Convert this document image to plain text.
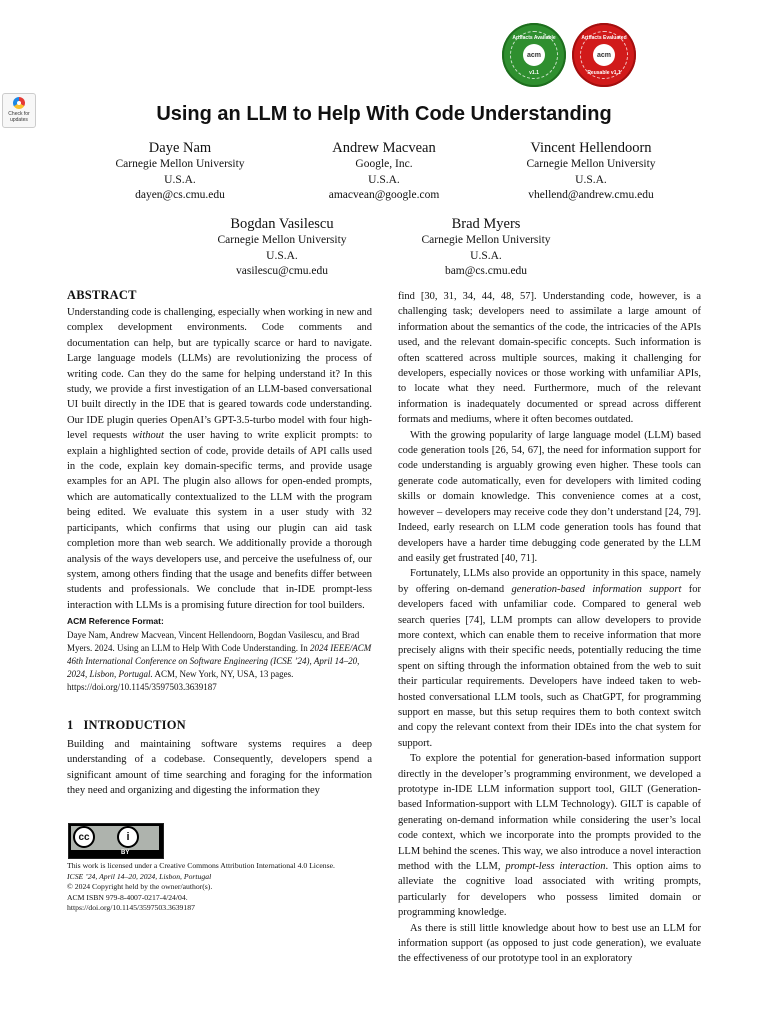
Artifacts Available
acm
v1.1
Artifacts Evaluated
acm
Reusable v1.1
Check for
updates	Using an LLM to Help With Code Understanding
Daye Nam
Carnegie Mellon University
U.S.A.
dayen@cs.cmu.edu
Andrew Macvean
Google, Inc.
U.S.A.
amacvean@google.com
Vincent Hellendoorn
Carnegie Mellon University
U.S.A.
vhellend@andrew.cmu.edu
Bogdan Vasilescu
Carnegie Mellon University
U.S.A.
vasilescu@cmu.edu
Brad Myers
Carnegie Mellon University
U.S.A.
bam@cs.cmu.edu
ABSTRACT

Understanding code is challenging, especially when working in new and complex development environments. Code comments and documentation can help, but are typically scarce or hard to navigate. Large language models (LLMs) are revolutionizing the process of writing code. Can they do the same for helping understand it? In this study, we provide a first investigation of an LLM-based conversational UI built directly in the IDE that is geared towards code understanding. Our IDE plugin queries OpenAI’s GPT-3.5-turbo model with four high-level requests without the user having to write explicit prompts: to explain a highlighted section of code, provide details of API calls used in the code, explain key domain-specific terms, and provide usage examples for an API. The plugin also allows for open-ended prompts, which are automatically contextualized to the LLM with the program being edited. We evaluate this system in a user study with 32 participants, which confirms that using our plugin can aid task completion more than web search. We additionally provide a thorough analysis of the ways developers use, and perceive the usefulness of, our system, among others finding that the usage and benefits differ between students and professionals. We conclude that in-IDE prompt-less interaction with LLMs is a promising future direction for tool builders.

ACM Reference Format:
Daye Nam, Andrew Macvean, Vincent Hellendoorn, Bogdan Vasilescu, and Brad Myers. 2024. Using an LLM to Help With Code Understanding. In 2024 IEEE/ACM 46th International Conference on Software Engineering (ICSE ’24), April 14–20, 2024, Lisbon, Portugal. ACM, New York, NY, USA, 13 pages. https://doi.org/10.1145/3597503.3639187
1 INTRODUCTION

Building and maintaining software systems requires a deep understanding of a codebase. Consequently, developers spend a significant amount of time searching and foraging for the information they need and organizing and digesting the information they

cc	i
BY
This work is licensed under a Creative Commons Attribution International 4.0 License.
ICSE ’24, April 14–20, 2024, Lisbon, Portugal
© 2024 Copyright held by the owner/author(s).
ACM ISBN 979-8-4007-0217-4/24/04.
https://doi.org/10.1145/3597503.3639187

find [30, 31, 34, 44, 48, 57]. Understanding code, however, is a challenging task; developers need to assimilate a large amount of information about the semantics of the code, the intricacies of the APIs used, and the relevant domain-specific concepts. Such information is often scattered across multiple sources, making it challenging for developers, especially novices or those working with unfamiliar APIs, to locate what they need. Furthermore, much of the relevant information is inadequately documented or spread across different formats and mediums, where it often becomes outdated.

With the growing popularity of large language model (LLM) based code generation tools [26, 54, 67], the need for information support for code understanding is arguably growing even higher. These tools can generate code automatically, even for developers with limited coding skills or domain knowledge. This convenience comes at a cost, however – developers may receive code they don’t understand [24, 79]. Indeed, early research on LLM code generation tools has found that developers have a harder time debugging code generated by the LLM and easily get frustrated [40, 71].

Fortunately, LLMs also provide an opportunity in this space, namely by offering on-demand generation-based information support for developers faced with unfamiliar code. Compared to general web search queries [74], LLM prompts can allow developers to provide more context, which can enable them to receive information that more precisely aligns with their specific needs, potentially reducing the time spent on sifting through the information obtained from the web to suit their particular requirements. Developers have indeed taken to web-hosted conversational LLM tools, such as ChatGPT, for programming support en masse, but this setup requires them to both context switch and copy the relevant context from their IDEs into the chat system for support.

To explore the potential for generation-based information support directly in the developer’s programming environment, we developed a prototype in-IDE LLM information support tool, GILT (Generation-based Information-support with LLM Technology). GILT is capable of generating on-demand information while considering the user’s local code context, which we incorporate into the prompts provided to the LLM behind the scenes. This way, we also introduce a novel interaction method with the LLM, prompt-less interaction. This option aims to alleviate the cognitive load associated with writing prompts, particularly for developers who possess limited domain or programming knowledge.

As there is still little knowledge about how to best use an LLM for information support (as opposed to just code generation), we evaluate the effectiveness of our prototype tool in an exploratory
